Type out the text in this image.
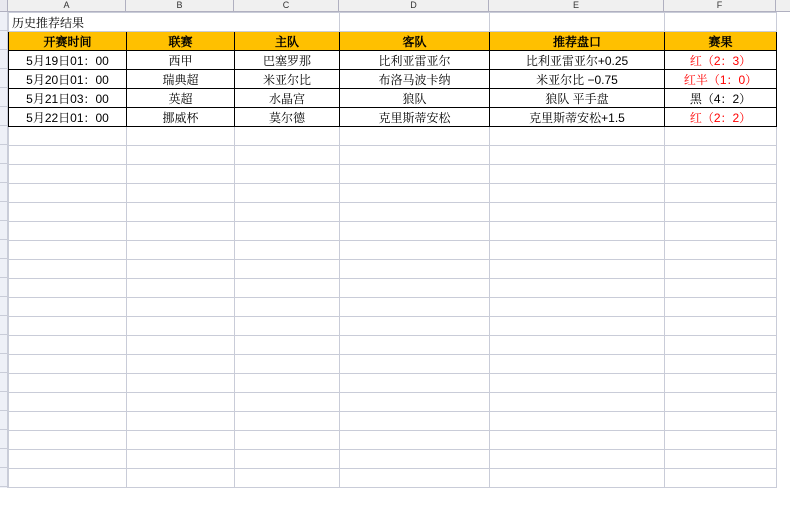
A	B	C	D	E	F
历史推荐结果					
开赛时间	联赛	主队	客队	推荐盘口	赛果
5月19日01：00	西甲	巴塞罗那	比利亚雷亚尔	比利亚雷亚尔+0.25	红（2：3）
5月20日01：00	瑞典超	米亚尔比	布洛马波卡纳	米亚尔比 −0.75	红半（1：0）
5月21日03：00	英超	水晶宫	狼队	狼队 平手盘	黑（4：2）
5月22日01：00	挪威杯	莫尔德	克里斯蒂安松	克里斯蒂安松+1.5	红（2：2）
